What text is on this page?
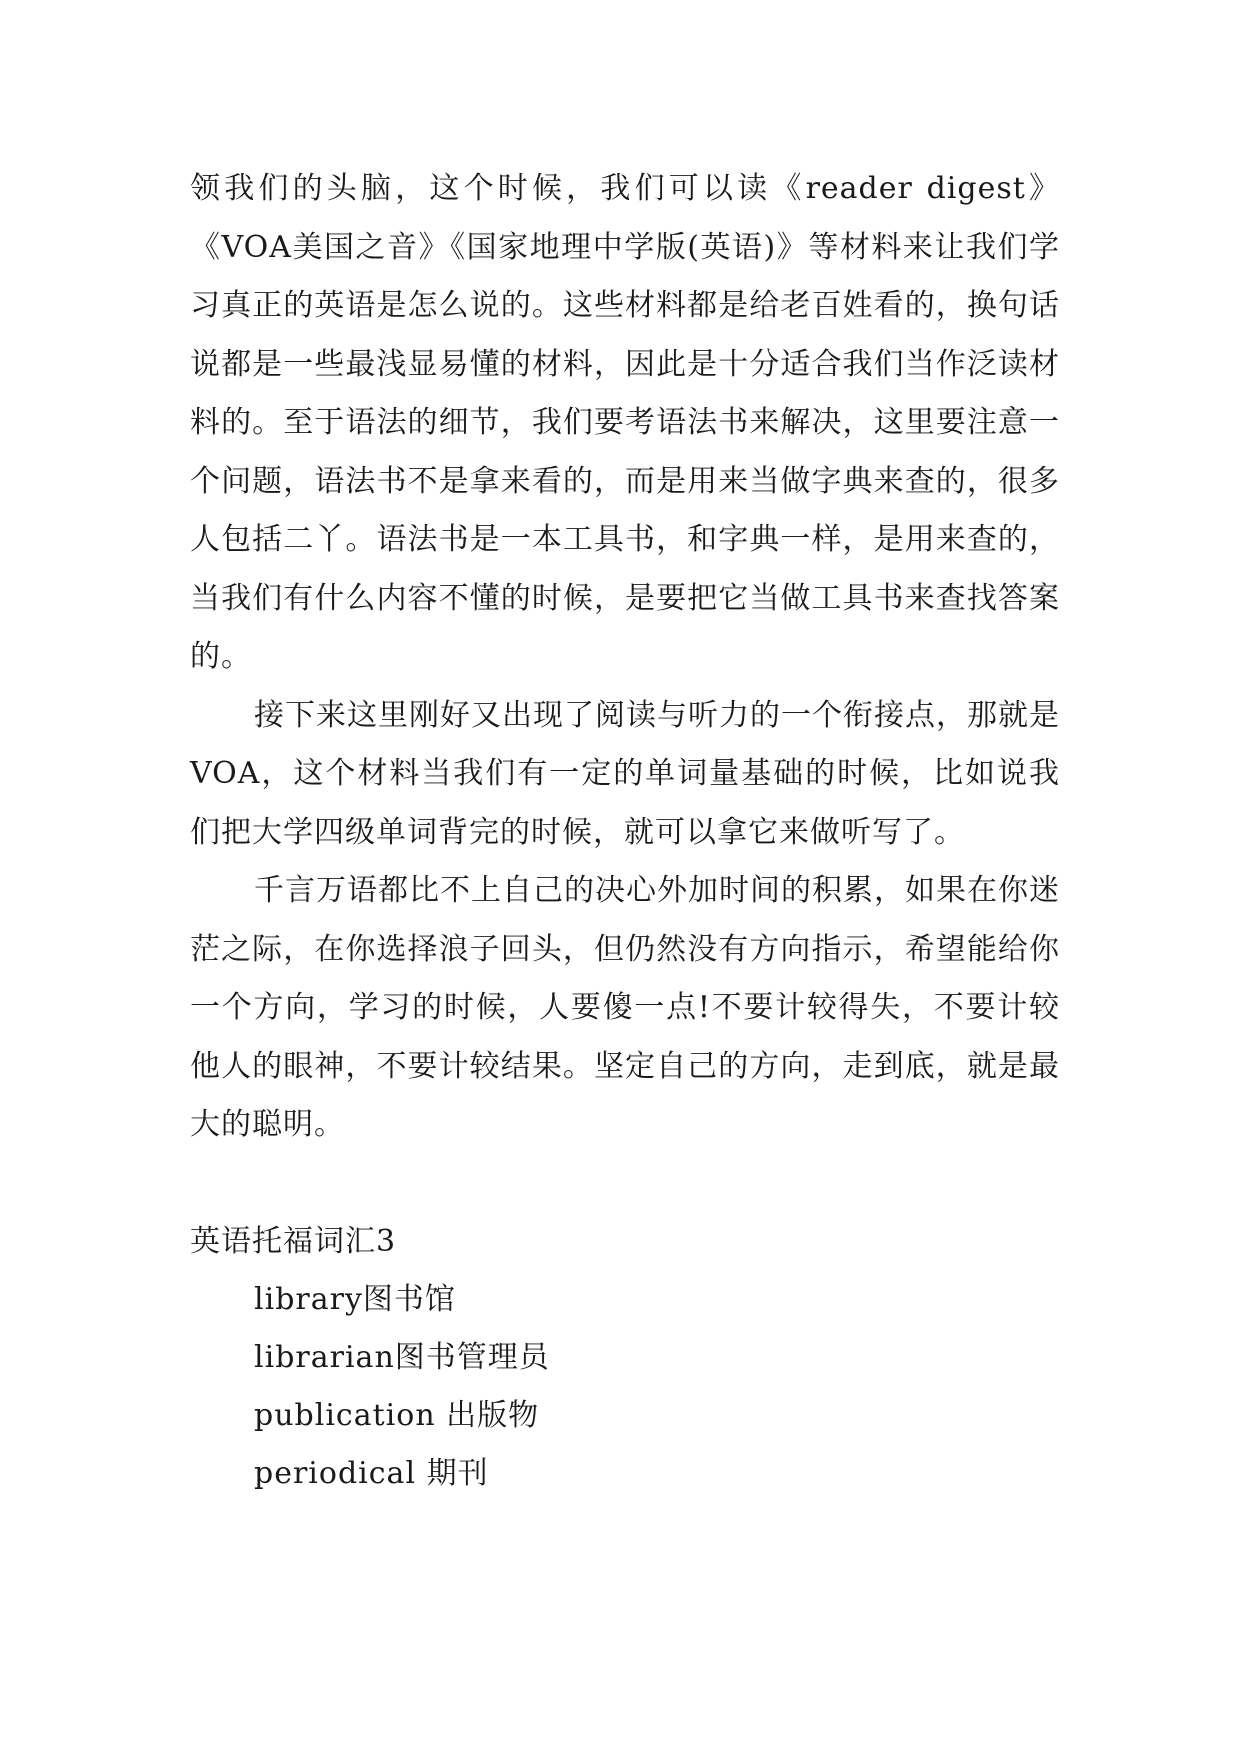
领我们的头脑，这个时候，我们可以读《reader digest》《VOA美国之音》《国家地理中学版(英语)》等材料来让我们学习真正的英语是怎么说的。这些材料都是给老百姓看的，换句话说都是一些最浅显易懂的材料，因此是十分适合我们当作泛读材料的。至于语法的细节，我们要考语法书来解决，这里要注意一个问题，语法书不是拿来看的，而是用来当做字典来查的，很多人包括二丫。语法书是一本工具书，和字典一样，是用来查的，当我们有什么内容不懂的时候，是要把它当做工具书来查找答案的。

接下来这里刚好又出现了阅读与听力的一个衔接点，那就是VOA，这个材料当我们有一定的单词量基础的时候，比如说我们把大学四级单词背完的时候，就可以拿它来做听写了。

千言万语都比不上自己的决心外加时间的积累，如果在你迷茫之际，在你选择浪子回头，但仍然没有方向指示，希望能给你一个方向，学习的时候，人要傻一点!不要计较得失，不要计较他人的眼神，不要计较结果。坚定自己的方向，走到底，就是最大的聪明。

英语托福词汇3
library图书馆
librarian图书管理员
publication 出版物
periodical 期刊
